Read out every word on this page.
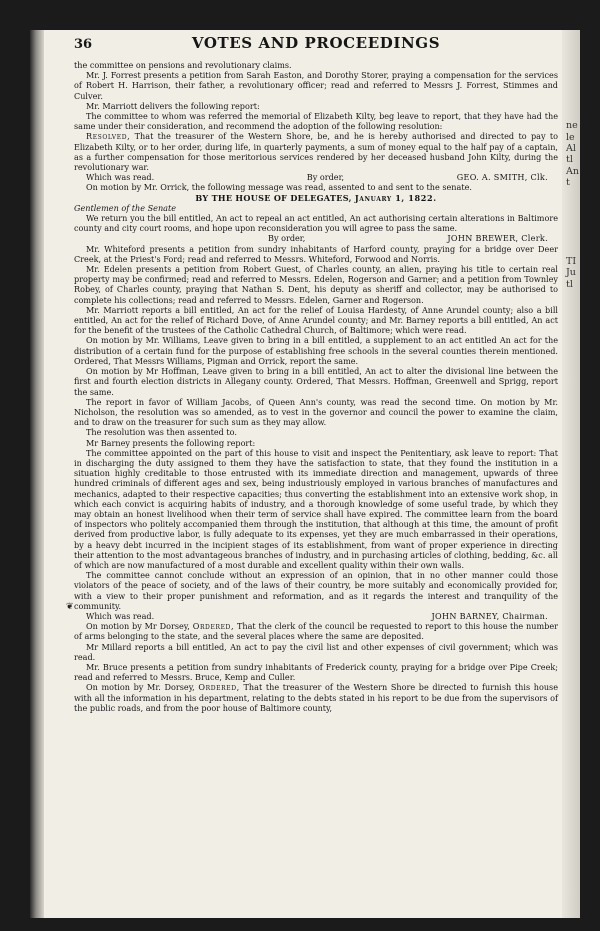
36	VOTES AND PROCEEDINGS

the committee on pensions and revolutionary claims.

Mr. J. Forrest presents a petition from Sarah Easton, and Dorothy Storer, praying a compensation for the services of Robert H. Harrison, their father, a revolutionary officer; read and referred to Messrs J. Forrest, Stimmes and Culver.

Mr. Marriott delivers the following report:

The committee to whom was referred the memorial of Elizabeth Kilty, beg leave to report, that they have had the same under their consideration, and recommend the adoption of the following resolution:

Resolved, That the treasurer of the Western Shore, be, and he is hereby authorised and directed to pay to Elizabeth Kilty, or to her order, during life, in quarterly payments, a sum of money equal to the half pay of a captain, as a further compensation for those meritorious services rendered by her deceased husband John Kilty, during the revolutionary war.

Which was read.	By order,	GEO. A. SMITH, Clk.

On motion by Mr. Orrick, the following message was read, assented to and sent to the senate.

BY THE HOUSE OF DELEGATES, January 1, 1822.

Gentlemen of the Senate

We return you the bill entitled, An act to repeal an act entitled, An act authorising certain alterations in Baltimore county and city court rooms, and hope upon reconsideration you will agree to pass the same.

By order,	JOHN BREWER, Clerk.

Mr. Whiteford presents a petition from sundry inhabitants of Harford county, praying for a bridge over Deer Creek, at the Priest's Ford; read and referred to Messrs. Whiteford, Forwood and Norris.

Mr. Edelen presents a petition from Robert Guest, of Charles county, an alien, praying his title to certain real property may be confirmed; read and referred to Messrs. Edelen, Rogerson and Garner; and a petition from Townley Robey, of Charles county, praying that Nathan S. Dent, his deputy as sheriff and collector, may be authorised to complete his collections; read and referred to Messrs. Edelen, Garner and Rogerson.

Mr. Marriott reports a bill entitled, An act for the relief of Louisa Hardesty, of Anne Arundel county; also a bill entitled, An act for the relief of Richard Dove, of Anne Arundel county; and Mr. Barney reports a bill entitled, An act for the benefit of the trustees of the Catholic Cathedral Church, of Baltimore; which were read.

On motion by Mr. Williams, Leave given to bring in a bill entitled, a supplement to an act entitled An act for the distribution of a certain fund for the purpose of establishing free schools in the several counties therein mentioned. Ordered, That Messrs Williams, Pigman and Orrick, report the same.

On motion by Mr Hoffman, Leave given to bring in a bill entitled, An act to alter the divisional line between the first and fourth election districts in Allegany county. Ordered, That Messrs. Hoffman, Greenwell and Sprigg, report the same.

The report in favor of William Jacobs, of Queen Ann's county, was read the second time. On motion by Mr. Nicholson, the resolution was so amended, as to vest in the governor and council the power to examine the claim, and to draw on the treasurer for such sum as they may allow.

The resolution was then assented to.

Mr Barney presents the following report:

The committee appointed on the part of this house to visit and inspect the Penitentiary, ask leave to report: That in discharging the duty assigned to them they have the satisfaction to state, that they found the institution in a situation highly creditable to those entrusted with its immediate direction and management, upwards of three hundred criminals of different ages and sex, being industriously employed in various branches of manufactures and mechanics, adapted to their respective capacities; thus converting the establishment into an extensive work shop, in which each convict is acquiring habits of industry, and a thorough knowledge of some useful trade, by which they may obtain an honest livelihood when their term of service shall have expired. The committee learn from the board of inspectors who politely accompanied them through the institution, that although at this time, the amount of profit derived from productive labor, is fully adequate to its expenses, yet they are much embarrassed in their operations, by a heavy debt incurred in the incipient stages of its establishment, from want of proper experience in directing their attention to the most advantageous branches of industry, and in purchasing articles of clothing, bedding, &c. all of which are now manufactured of a most durable and excellent quality within their own walls.

The committee cannot conclude without an expression of an opinion, that in no other manner could those violators of the peace of society, and of the laws of their country, be more suitably and economically provided for, with a view to their proper punishment and reformation, and as it regards the interest and tranquility of the community.

Which was read.	JOHN BARNEY, Chairman.

On motion by Mr Dorsey, Ordered, That the clerk of the council be requested to report to this house the number of arms belonging to the state, and the several places where the same are deposited.

Mr Millard reports a bill entitled, An act to pay the civil list and other expenses of civil government; which was read.

Mr. Bruce presents a petition from sundry inhabitants of Frederick county, praying for a bridge over Pipe Creek; read and referred to Messrs. Bruce, Kemp and Culler.

On motion by Mr. Dorsey, Ordered, That the treasurer of the Western Shore be directed to furnish this house with all the information in his department, relating to the debts stated in his report to be due from the supervisors of the public roads, and from the poor house of Baltimore county,

❦

ne
le
Al
tl
An
t

TI
Ju
tl
